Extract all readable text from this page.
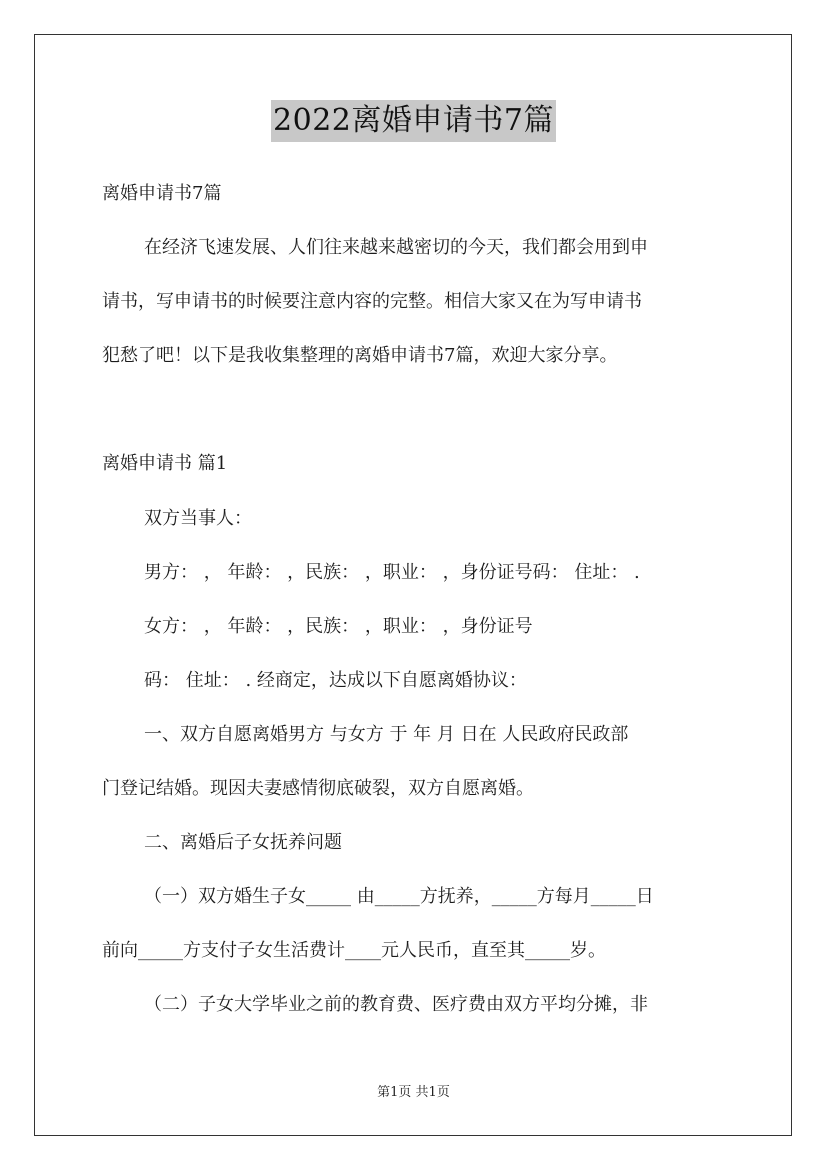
2022离婚申请书7篇
离婚申请书7篇
在经济飞速发展、人们往来越来越密切的今天，我们都会用到申
请书，写申请书的时候要注意内容的完整。相信大家又在为写申请书
犯愁了吧！以下是我收集整理的离婚申请书7篇，欢迎大家分享。
离婚申请书 篇1
双方当事人：
男方： ， 年龄： ，民族： ，职业： ，身份证号码： 住址： .
女方： ， 年龄： ，民族： ，职业： ，身份证号
码： 住址： . 经商定，达成以下自愿离婚协议：
一、双方自愿离婚男方 与女方 于 年 月 日在 人民政府民政部
门登记结婚。现因夫妻感情彻底破裂，双方自愿离婚。
二、离婚后子女抚养问题
（一）双方婚生子女_____ 由_____方抚养，_____方每月_____日
前向_____方支付子女生活费计____元人民币，直至其_____岁。
（二）子女大学毕业之前的教育费、医疗费由双方平均分摊，非
第1页 共1页
